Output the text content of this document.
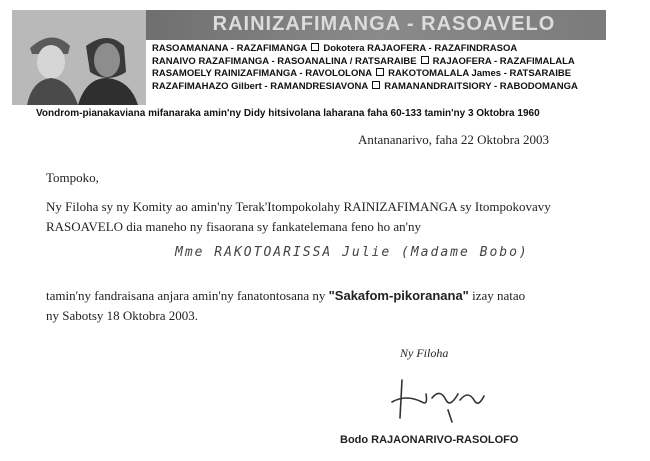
RAINIZAFIMANGA - RASOAVELO
RASOAMANANA - RAZAFIMANGA Dokotera RAJAOFERA - RAZAFINDRASOA
RANAIVO RAZAFIMANGA - RASOANALINA / RATSARAIBE RAJAOFERA - RAZAFIMALALA
RASAMOELY RAINIZAFIMANGA - RAVOLOLONA RAKOTOMALALA James - RATSARAIBE
RAZAFIMAHAZO Gilbert - RAMANDRESIAVONA RAMANANDRAITSIORY - RABODOMANGA
Vondrom-pianakaviana mifanaraka amin'ny Didy hitsivolana laharana faha 60-133 tamin'ny 3 Oktobra 1960
Antananarivo, faha 22 Oktobra 2003
Tompoko,
Ny Filoha sy ny Komity ao amin'ny Terak'Itompokolahy RAINIZAFIMANGA sy Itompokovavy
RASOAVELO dia maneho ny fisaorana sy fankatelemana feno ho an'ny
Mme RAKOTOARISSA Julie (Madame Bobo)
tamin'ny fandraisana anjara amin'ny fanatontosana ny "Sakafom-pikoranana" izay natao
ny Sabotsy 18 Oktobra 2003.
Ny Filoha
Bodo RAJAONARIVO-RASOLOFO
